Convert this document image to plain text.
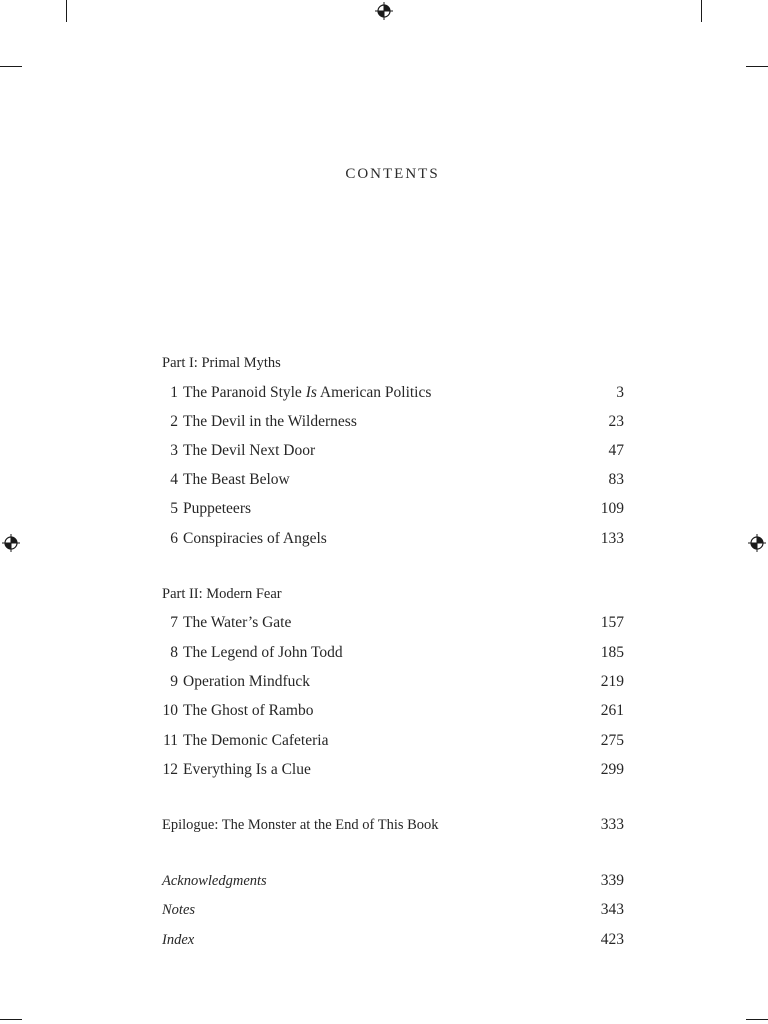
CONTENTS
Part I: Primal Myths
1 The Paranoid Style Is American Politics	3
2 The Devil in the Wilderness	23
3 The Devil Next Door	47
4 The Beast Below	83
5 Puppeteers	109
6 Conspiracies of Angels	133
Part II: Modern Fear
7 The Water’s Gate	157
8 The Legend of John Todd	185
9 Operation Mindfuck	219
10 The Ghost of Rambo	261
11 The Demonic Cafeteria	275
12 Everything Is a Clue	299
Epilogue: The Monster at the End of This Book	333
Acknowledgments	339
Notes	343
Index	423
